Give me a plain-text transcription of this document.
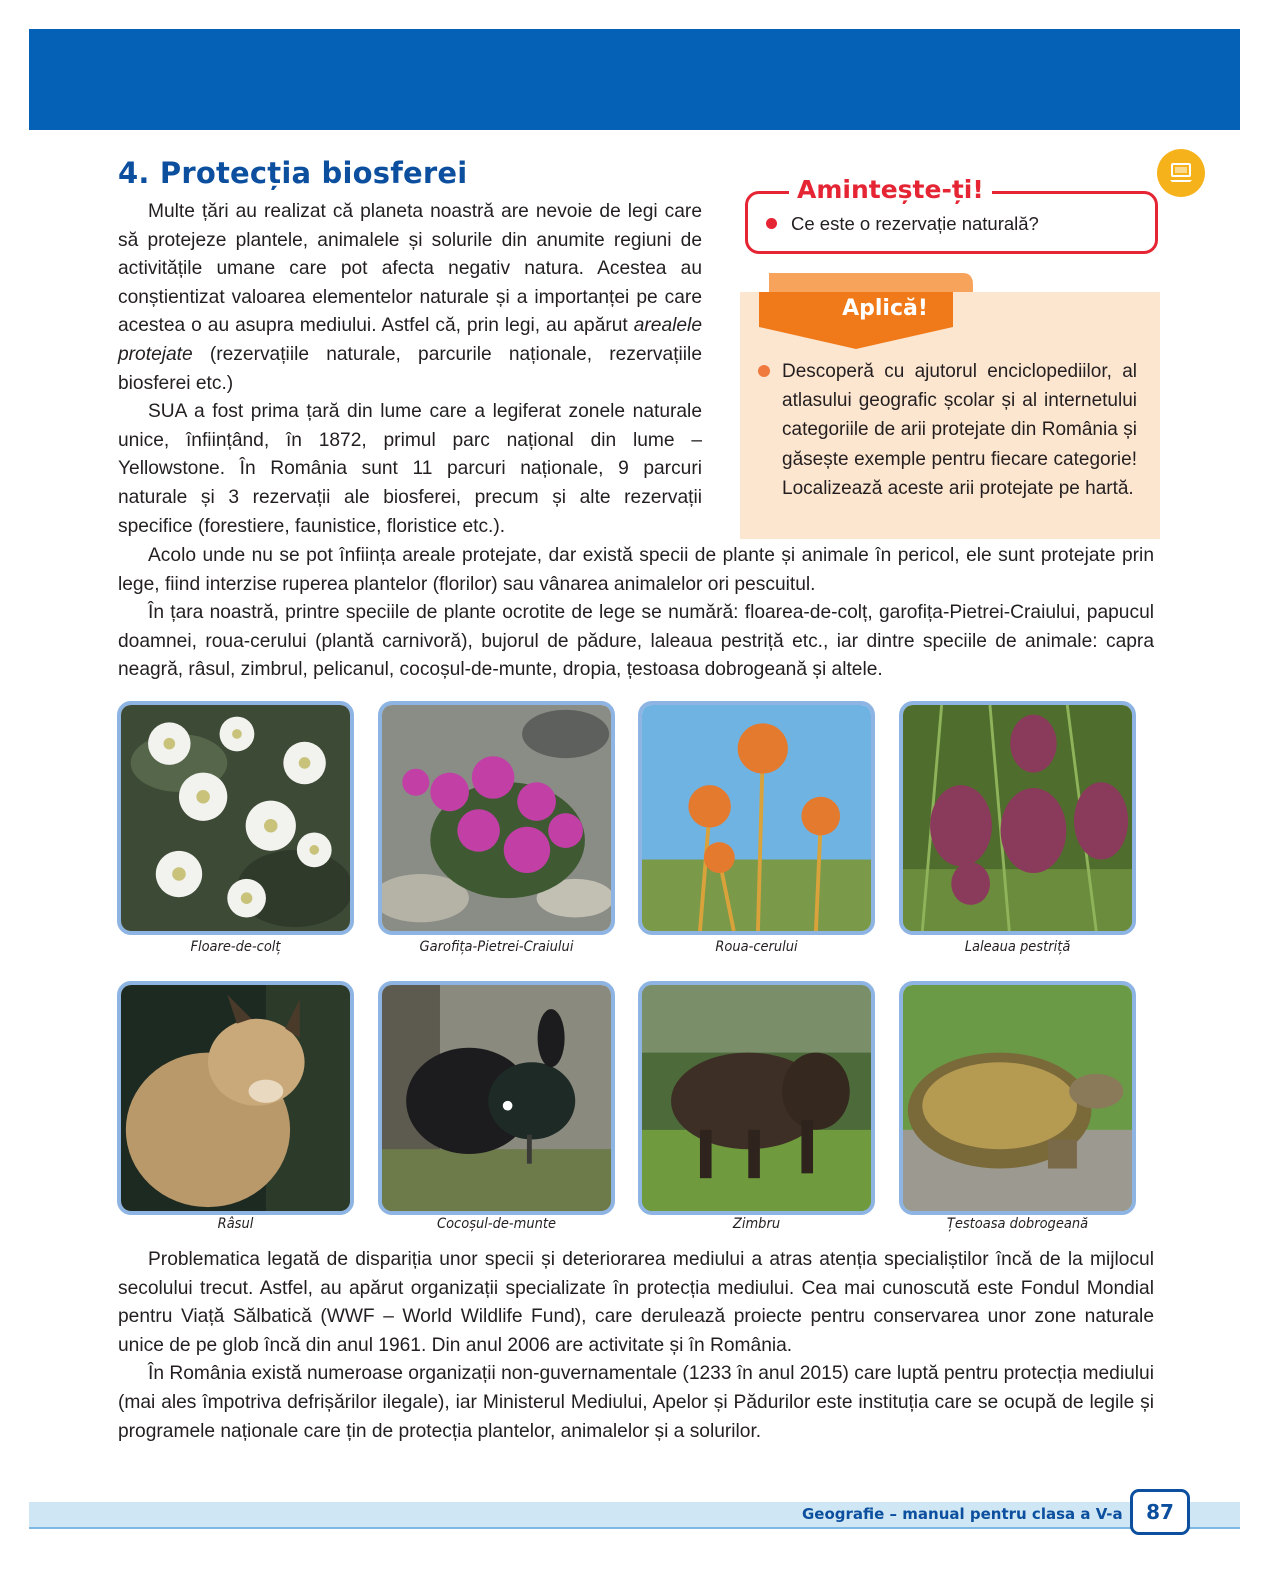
4. Protecția biosferei

Multe țări au realizat că planeta noastră are nevoie de legi care să protejeze plantele, animalele și solurile din anumite regiuni de activitățile umane care pot afecta negativ natura. Acestea au conștientizat valoarea elementelor naturale și a importanței pe care acestea o au asupra mediului. Astfel că, prin legi, au apărut arealele protejate (rezervațiile naturale, parcurile naționale, rezervațiile biosferei etc.)

SUA a fost prima țară din lume care a legiferat zonele naturale unice, înființând, în 1872, primul parc național din lume – Yellowstone. În România sunt 11 parcuri naționale, 9 parcuri naturale și 3 rezervații ale biosferei, precum și alte rezervații specifice (forestiere, faunistice, floristice etc.).

Amintește-ți!
Ce este o rezervație naturală?
Aplică!
Descoperă cu ajutorul enciclopediilor, al atlasului geografic școlar și al internetului categoriile de arii protejate din România și găsește exemple pentru fiecare categorie! Localizează aceste arii protejate pe hartă.

Acolo unde nu se pot înființa areale protejate, dar există specii de plante și animale în pericol, ele sunt protejate prin lege, fiind interzise ruperea plantelor (florilor) sau vânarea animalelor ori pescuitul.

În țara noastră, printre speciile de plante ocrotite de lege se numără: floarea-de-colț, garofița-Pietrei-Craiului, papucul doamnei, roua-cerului (plantă carnivoră), bujorul de pădure, laleaua pestriță etc., iar dintre speciile de animale: capra neagră, râsul, zimbrul, pelicanul, cocoșul-de-munte, dropia, țestoasa dobrogeană și altele.

Floare-de-colț	Garofița-Pietrei-Craiului	Roua-cerului	Laleaua pestriță
Râsul	Cocoșul-de-munte	Zimbru	Țestoasa dobrogeană

Problematica legată de dispariția unor specii și deteriorarea mediului a atras atenția specialiștilor încă de la mijlocul secolului trecut. Astfel, au apărut organizații specializate în protecția mediului. Cea mai cunoscută este Fondul Mondial pentru Viață Sălbatică (WWF – World Wildlife Fund), care derulează proiecte pentru conservarea unor zone naturale unice de pe glob încă din anul 1961. Din anul 2006 are activitate și în România.

În România există numeroase organizații non-guvernamentale (1233 în anul 2015) care luptă pentru protecția mediului (mai ales împotriva defrișărilor ilegale), iar Ministerul Mediului, Apelor și Pădurilor este instituția care se ocupă de legile și programele naționale care țin de protecția plantelor, animalelor și a solurilor.

Geografie – manual pentru clasa a V-a	87
